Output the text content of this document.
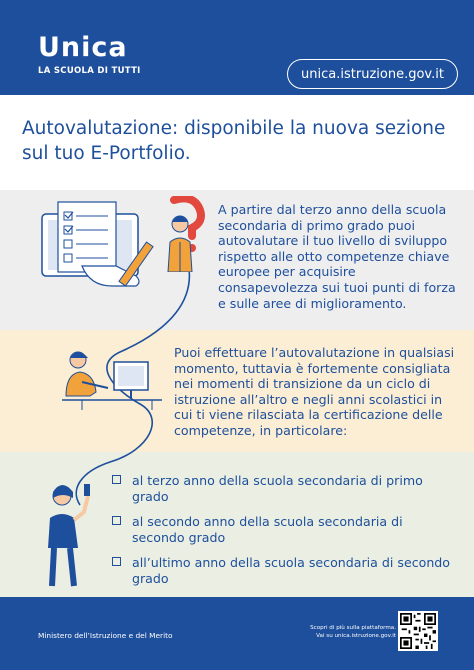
Unica
LA SCUOLA DI TUTTI	unica.istruzione.gov.it
Autovalutazione: disponibile la nuova sezione sul tuo E-Portfolio.
A partire dal terzo anno della scuola secondaria di primo grado puoi autovalutare il tuo livello di sviluppo rispetto alle otto competenze chiave europee per acquisire consapevolezza sui tuoi punti di forza e sulle aree di miglioramento.
Puoi effettuare l’autovalutazione in qualsiasi momento, tuttavia è fortemente consigliata nei momenti di transizione da un ciclo di istruzione all’altro e negli anni scolastici in cui ti viene rilasciata la certificazione delle competenze, in particolare:
al terzo anno della scuola secondaria di primo grado
al secondo anno della scuola secondaria di secondo grado
all’ultimo anno della scuola secondaria di secondo grado
Ministero dell’Istruzione e del Merito
Scopri di più sulla piattaforma.
Vai su unica.istruzione.gov.it
